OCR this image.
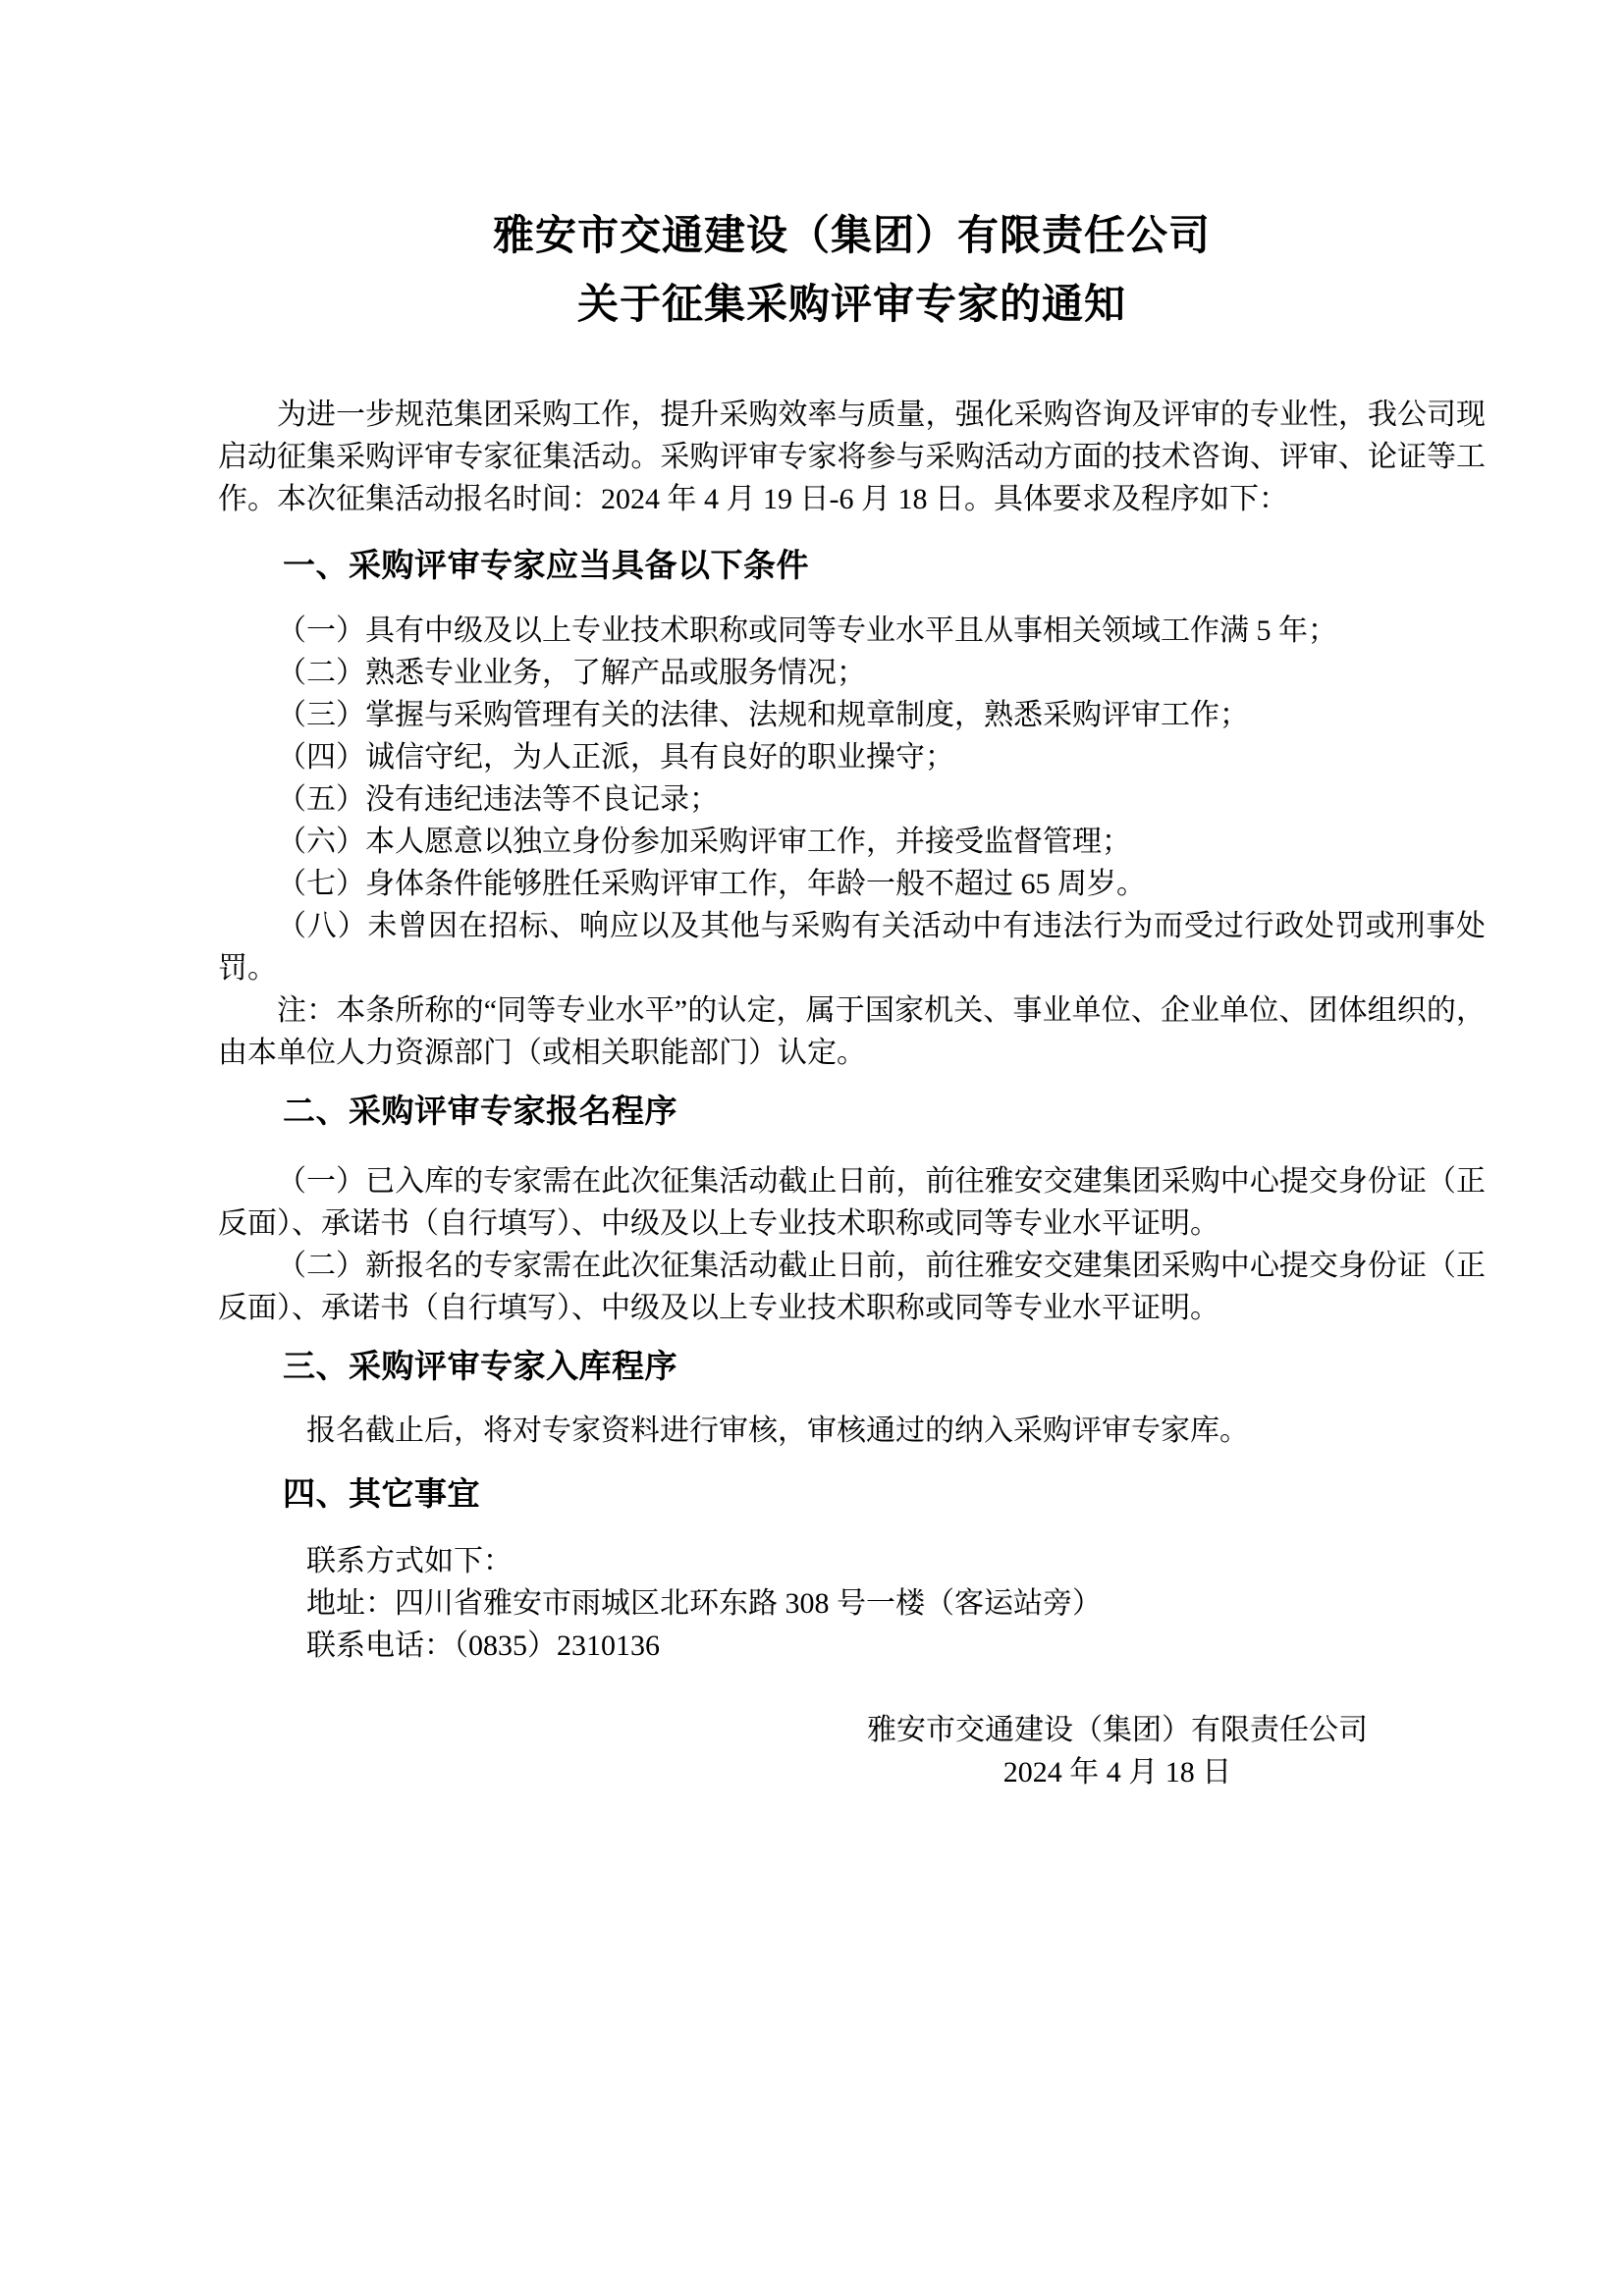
雅安市交通建设（集团）有限责任公司
关于征集采购评审专家的通知

为进一步规范集团采购工作，提升采购效率与质量，强化采购咨询及评审的专业性，我公司现启动征集采购评审专家征集活动。采购评审专家将参与采购活动方面的技术咨询、评审、论证等工作。本次征集活动报名时间：2024 年 4 月 19 日-6 月 18 日。具体要求及程序如下：

一、采购评审专家应当具备以下条件

（一）具有中级及以上专业技术职称或同等专业水平且从事相关领域工作满 5 年；

（二）熟悉专业业务，了解产品或服务情况；

（三）掌握与采购管理有关的法律、法规和规章制度，熟悉采购评审工作；

（四）诚信守纪，为人正派，具有良好的职业操守；

（五）没有违纪违法等不良记录；

（六）本人愿意以独立身份参加采购评审工作，并接受监督管理；

（七）身体条件能够胜任采购评审工作，年龄一般不超过 65 周岁。

（八）未曾因在招标、响应以及其他与采购有关活动中有违法行为而受过行政处罚或刑事处罚。

注：本条所称的“同等专业水平”的认定，属于国家机关、事业单位、企业单位、团体组织的，由本单位人力资源部门（或相关职能部门）认定。

二、采购评审专家报名程序

（一）已入库的专家需在此次征集活动截止日前，前往雅安交建集团采购中心提交身份证（正反面）、承诺书（自行填写）、中级及以上专业技术职称或同等专业水平证明。

（二）新报名的专家需在此次征集活动截止日前，前往雅安交建集团采购中心提交身份证（正反面）、承诺书（自行填写）、中级及以上专业技术职称或同等专业水平证明。

三、采购评审专家入库程序

报名截止后，将对专家资料进行审核，审核通过的纳入采购评审专家库。

四、其它事宜

联系方式如下：

地址：四川省雅安市雨城区北环东路 308 号一楼（客运站旁）

联系电话：（0835）2310136

雅安市交通建设（集团）有限责任公司
2024 年 4 月 18 日
